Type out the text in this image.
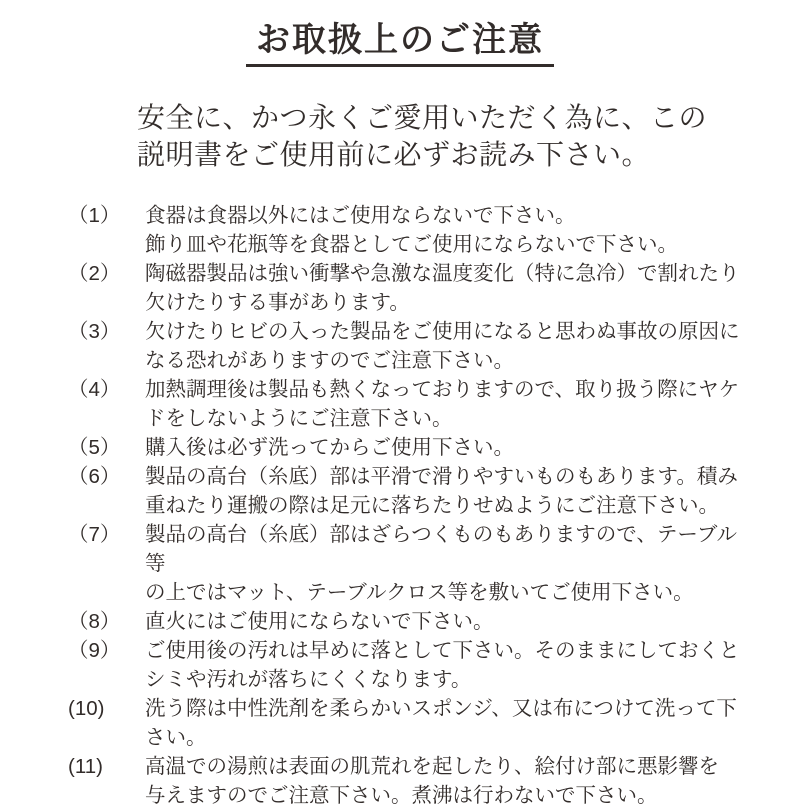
お取扱上のご注意

安全に、かつ永くご愛用いただく為に、この
説明書をご使用前に必ずお読み下さい。

（1）	食器は食器以外にはご使用ならないで下さい。
飾り皿や花瓶等を食器としてご使用にならないで下さい。
（2）	陶磁器製品は強い衝撃や急激な温度変化（特に急冷）で割れたり
欠けたりする事があります。
（3）	欠けたりヒビの入った製品をご使用になると思わぬ事故の原因に
なる恐れがありますのでご注意下さい。
（4）	加熱調理後は製品も熱くなっておりますので、取り扱う際にヤケ
ドをしないようにご注意下さい。
（5）	購入後は必ず洗ってからご使用下さい。
（6）	製品の高台（糸底）部は平滑で滑りやすいものもあります。積み
重ねたり運搬の際は足元に落ちたりせぬようにご注意下さい。
（7）	製品の高台（糸底）部はざらつくものもありますので、テーブル等
の上ではマット、テーブルクロス等を敷いてご使用下さい。
（8）	直火にはご使用にならないで下さい。
（9）	ご使用後の汚れは早めに落として下さい。そのままにしておくと
シミや汚れが落ちにくくなります。
(10)	洗う際は中性洗剤を柔らかいスポンジ、又は布につけて洗って下
さい。
(11)	高温での湯煎は表面の肌荒れを起したり、絵付け部に悪影響を
与えますのでご注意下さい。煮沸は行わないで下さい。
